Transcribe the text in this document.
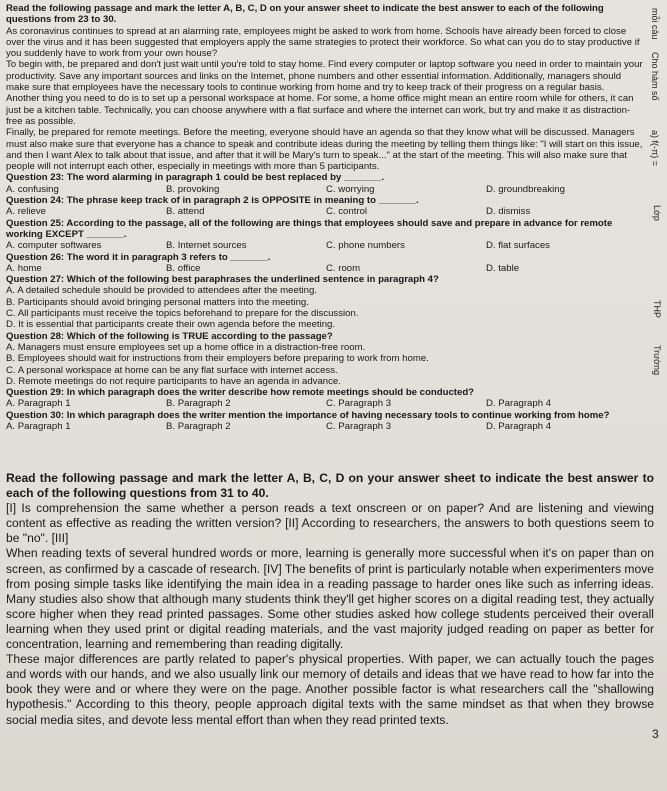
Read the following passage and mark the letter A, B, C, D on your answer sheet to indicate the best answer to each of the following questions from 23 to 30.

As coronavirus continues to spread at an alarming rate, employees might be asked to work from home. Schools have already been forced to close over the virus and it has been suggested that employers apply the same strategies to protect their workforce. So what can you do to stay productive if you suddenly have to work from your own house?

To begin with, be prepared and don't just wait until you're told to stay home. Find every computer or laptop software you need in order to maintain your productivity. Save any important sources and links on the Internet, phone numbers and other essential information. Additionally, managers should make sure that employees have the necessary tools to continue working from home and try to keep track of their progress on a regular basis.

Another thing you need to do is to set up a personal workspace at home. For some, a home office might mean an entire room while for others, it can just be a kitchen table. Technically, you can choose anywhere with a flat surface and where the internet can work, but try and make it as distraction-free as possible.

Finally, be prepared for remote meetings. Before the meeting, everyone should have an agenda so that they know what will be discussed. Managers must also make sure that everyone has a chance to speak and contribute ideas during the meeting by telling them things like: "I will start on this issue, and then I want Alex to talk about that issue, and after that it will be Mary's turn to speak..." at the start of the meeting. This will also make sure that people will not interrupt each other, especially in meetings with more than 5 participants.

Question 23: The word alarming in paragraph 1 could be best replaced by _______.

A. confusing	B. provoking	C. worrying	D. groundbreaking

Question 24: The phrase keep track of in paragraph 2 is OPPOSITE in meaning to _______.

A. relieve	B. attend	C. control	D. dismiss

Question 25: According to the passage, all of the following are things that employees should save and prepare in advance for remote working EXCEPT _______.

A. computer softwares	B. Internet sources	C. phone numbers	D. flat surfaces

Question 26: The word it in paragraph 3 refers to _______.

A. home	B. office	C. room	D. table

Question 27: Which of the following best paraphrases the underlined sentence in paragraph 4?

A. A detailed schedule should be provided to attendees after the meeting.

B. Participants should avoid bringing personal matters into the meeting.

C. All participants must receive the topics beforehand to prepare for the discussion.

D. It is essential that participants create their own agenda before the meeting.

Question 28: Which of the following is TRUE according to the passage?

A. Managers must ensure employees set up a home office in a distraction-free room.

B. Employees should wait for instructions from their employers before preparing to work from home.

C. A personal workspace at home can be any flat surface with internet access.

D. Remote meetings do not require participants to have an agenda in advance.

Question 29: In which paragraph does the writer describe how remote meetings should be conducted?

A. Paragraph 1	B. Paragraph 2	C. Paragraph 3	D. Paragraph 4

Question 30: In which paragraph does the writer mention the importance of having necessary tools to continue working from home?

A. Paragraph 1	B. Paragraph 2	C. Paragraph 3	D. Paragraph 4

Read the following passage and mark the letter A, B, C, D on your answer sheet to indicate the best answer to each of the following questions from 31 to 40.

[I] Is comprehension the same whether a person reads a text onscreen or on paper? And are listening and viewing content as effective as reading the written version? [II] According to researchers, the answers to both questions seem to be "no". [III]

When reading texts of several hundred words or more, learning is generally more successful when it's on paper than on screen, as confirmed by a cascade of research. [IV] The benefits of print is particularly notable when experimenters move from posing simple tasks like identifying the main idea in a reading passage to harder ones like such as inferring ideas. Many studies also show that although many students think they'll get higher scores on a digital reading test, they actually score higher when they read printed passages. Some other studies asked how college students perceived their overall learning when they used print or digital reading materials, and the vast majority judged reading on paper as better for concentration, learning and remembering than reading digitally.

These major differences are partly related to paper's physical properties. With paper, we can actually touch the pages and words with our hands, and we also usually link our memory of details and ideas that we have read to how far into the book they were and or where they were on the page. Another possible factor is what researchers call the "shallowing hypothesis." According to this theory, people approach digital texts with the same mindset as that when they browse social media sites, and devote less mental effort than when they read printed texts.

3
mỗi câu
Cho hàm số
a) f(-π) =
Lớp
THP
Trường
